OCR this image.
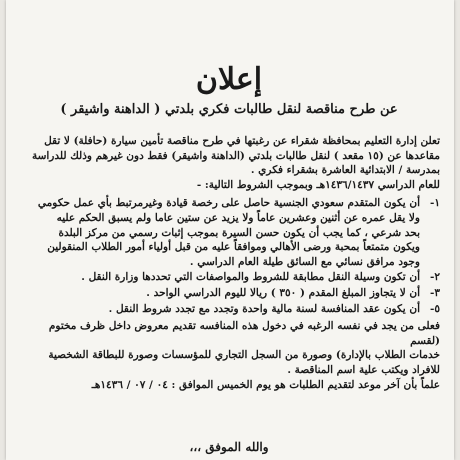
إعلان
عن طرح مناقصة لنقل طالبات فكري بلدتي ( الداهنة واشيقر )

تعلن إدارة التعليم بمحافظة شقراء عن رغبتها في طرح مناقصة تأمين سيارة (حافلة) لا تقل

مقاعدها عن (١٥ مقعد ) لنقل طالبات بلدتي (الداهنة واشيقر) فقط دون غيرهم وذلك للدراسة

بمدرسة / الابتدائية العاشرة بشقراء فكري .

للعام الدراسي ١٤٣٦/١٤٣٧هـ وبموجب الشروط التالية: -

١-

أن يكون المتقدم سعودي الجنسية حاصل على رخصة قيادة وغيرمرتبط بأي عمل حكومي

ولا يقل عمره عن أثنين وعشرين عاماً ولا يزيد عن ستين عاما ولم يسبق الحكم عليه

بحد شرعي ، كما يجب أن يكون حسن السيرة بموجب إثبات رسمي من مركز البلدة

ويكون متمتعاً بمحبة ورضى الأهالي وموافقاً عليه من قبل أولياء أمور الطلاب المنقولين

وجود مرافق نسائي مع السائق طيلة العام الدراسي .

٢-

أن تكون وسيلة النقل مطابقة للشروط والمواصفات التي تحددها وزارة النقل .

٣-

أن لا يتجاوز المبلغ المقدم ( ٣٥٠ ) ريالا لليوم الدراسي الواحد .

٥-

أن يكون عقد المنافسة لسنة مالية واحدة وتجدد مع تجدد شروط النقل .

فعلى من يجد في نفسه الرغبه في دخول هذه المنافسه تقديم معروض داخل ظرف مختوم (لقسم

خدمات الطلاب بالإدارة) وصورة من السجل التجاري للمؤسسات وصورة للبطاقة الشخصية

للافراد ويكتب علية اسم المناقصة .

علماً بأن آخر موعد لتقديم الطلبات هو يوم الخميس الموافق : ٠٤ / ٠٧ / ١٤٣٦هـ

والله الموفق ،،،
